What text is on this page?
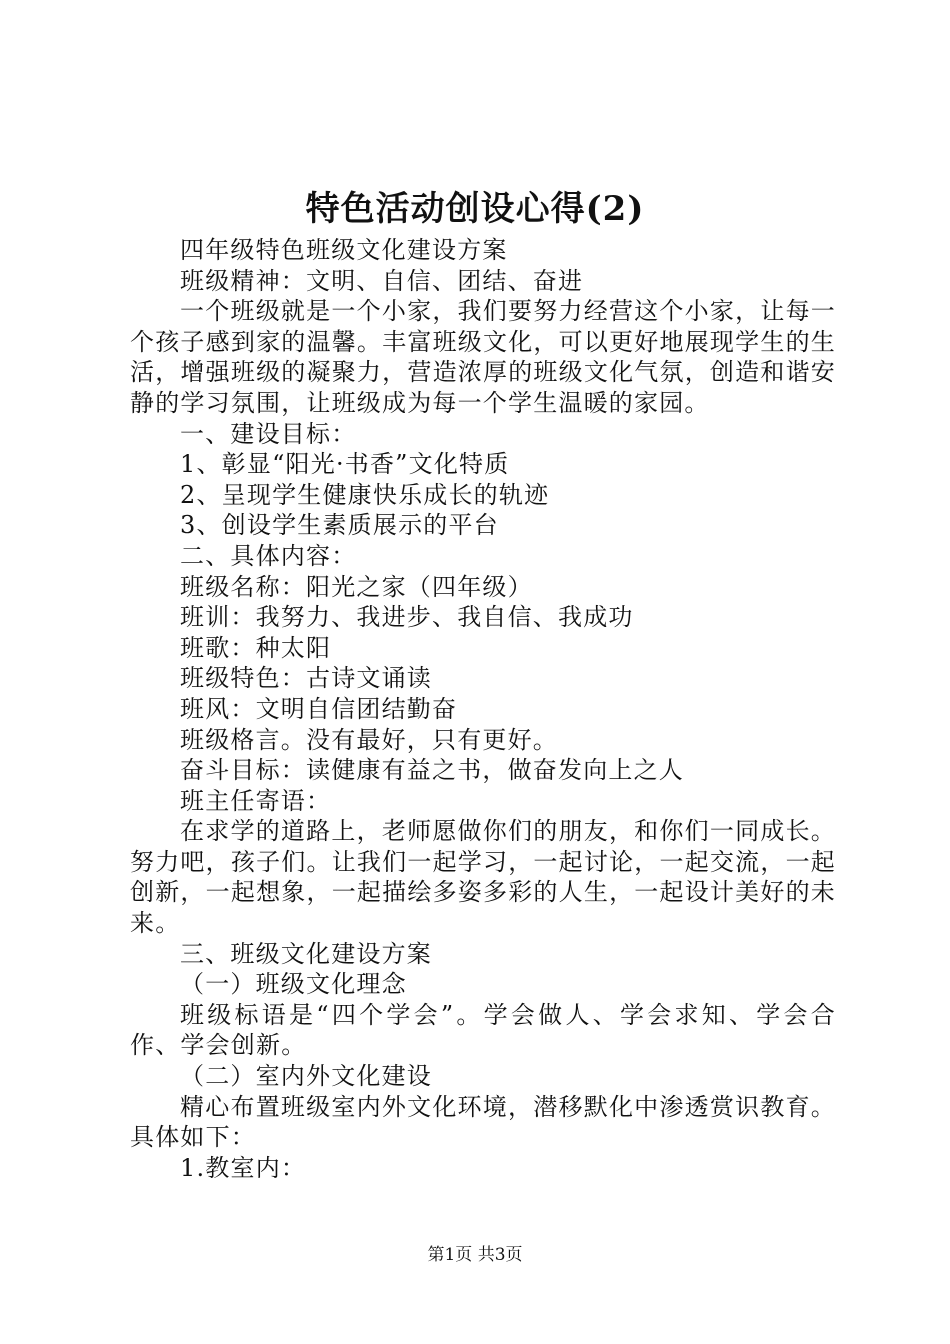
特色活动创设心得(2)

四年级特色班级文化建设方案

班级精神：文明、自信、团结、奋进

一个班级就是一个小家，我们要努力经营这个小家，让每一个孩子感到家的温馨。丰富班级文化，可以更好地展现学生的生活，增强班级的凝聚力，营造浓厚的班级文化气氛，创造和谐安静的学习氛围，让班级成为每一个学生温暖的家园。

一、建设目标：

1、彰显“阳光·书香”文化特质

2、呈现学生健康快乐成长的轨迹

3、创设学生素质展示的平台

二、具体内容：

班级名称：阳光之家（四年级）

班训：我努力、我进步、我自信、我成功

班歌：种太阳

班级特色：古诗文诵读

班风：文明自信团结勤奋

班级格言。没有最好，只有更好。

奋斗目标：读健康有益之书，做奋发向上之人

班主任寄语：

在求学的道路上，老师愿做你们的朋友，和你们一同成长。努力吧，孩子们。让我们一起学习，一起讨论，一起交流，一起创新，一起想象，一起描绘多姿多彩的人生，一起设计美好的未来。

三、班级文化建设方案

（一）班级文化理念

班级标语是“四个学会”。学会做人、学会求知、学会合作、学会创新。

（二）室内外文化建设

精心布置班级室内外文化环境，潜移默化中渗透赏识教育。具体如下：

1.教室内：

第1页 共3页
